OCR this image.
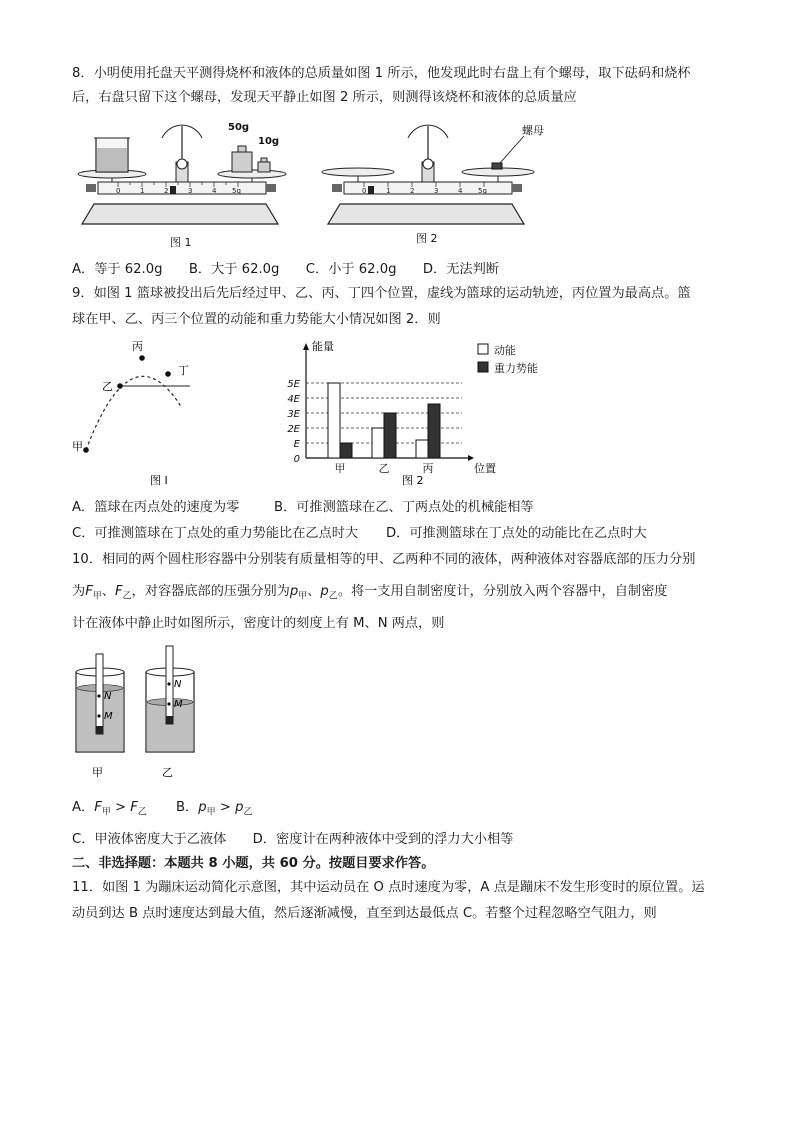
8．小明使用托盘天平测得烧杯和液体的总质量如图 1 所示，他发现此时右盘上有个螺母，取下砝码和烧杯
后，右盘只留下这个螺母，发现天平静止如图 2 所示，则测得该烧杯和液体的总质量应
0	1	2	3	4 5g
50g
10g
图 1
0	1	2	3	4 5g
螺母
图 2
A．等于 62.0g　　B．大于 62.0g　　C．小于 62.0g　　D．无法判断
9．如图 1 篮球被投出后先后经过甲、乙、丙、丁四个位置，虚线为篮球的运动轨迹，丙位置为最高点。篮
球在甲、乙、丙三个位置的动能和重力势能大小情况如图 2．则
甲
乙
丙
丁
图 I
能量
位置
图 2
0
E
2E
3E
4E
5E
甲	乙	丙
动能
重力势能
A．篮球在丙点处的速度为零	B．可推测篮球在乙、丁两点处的机械能相等
C．可推测篮球在丁点处的重力势能比在乙点时大 D．可推测篮球在丁点处的动能比在乙点时大
10．相同的两个圆柱形容器中分别装有质量相等的甲、乙两种不同的液体，两种液体对容器底部的压力分别
为$F_甲$、$F_乙$，对容器底部的压强分别为$p_甲$、$p_乙$。将一支用自制密度计，分别放入两个容器中，自制密度
计在液体中静止时如图所示，密度计的刻度上有 M、N 两点，则
N
M
甲
N
M
乙
A．$F_甲 > F_乙$ B．$p_甲 > p_乙$
C．甲液体密度大于乙液体　　D．密度计在两种液体中受到的浮力大小相等
二、非选择题：本题共 8 小题，共 60 分。按题目要求作答。
11．如图 1 为蹦床运动简化示意图，其中运动员在 O 点时速度为零，A 点是蹦床不发生形变时的原位置。运
动员到达 B 点时速度达到最大值，然后逐渐减慢，直至到达最低点 C。若整个过程忽略空气阻力，则
